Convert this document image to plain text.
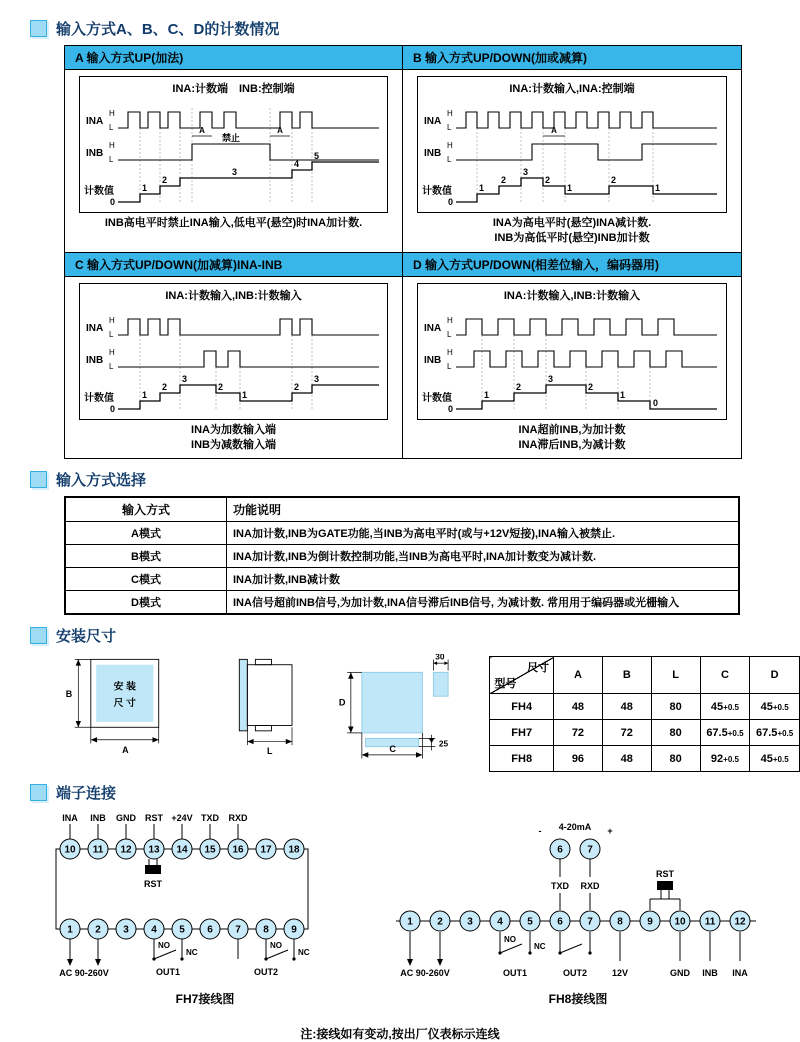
输入方式A、B、C、D的计数情况
A 输入方式UP(加法)
INA:计数端　INB:控制端
INA
H
L
INB
H
L
计数值
A	A
禁止
0
1
2
3
4
5
INB高电平时禁止INA输入,低电平(悬空)时INA加计数.
B 输入方式UP/DOWN(加或减算)
INA:计数输入,INA:控制端
INA
H
L
INB
H
L
计数值
A
0
1
2
3
2
1
2
1
INA为高电平时(悬空)INA减计数.
INB为高低平时(悬空)INB加计数
C 输入方式UP/DOWN(加减算)INA-INB
INA:计数输入,INB:计数输入
INA
H
L
INB
H
L
计数值
0
1
2
3
2
1
2
3
INA为加数输入端
INB为减数输入端
D 输入方式UP/DOWN(相差位输入，编码器用)
INA:计数输入,INB:计数输入
INA
H
L
INB
H
L
计数值
0
1
2
3
2
1
0
INA超前INB,为加计数
INA滞后INB,为减计数
输入方式选择
输入方式	功能说明
A模式	INA加计数,INB为GATE功能,当INB为高电平时(或与+12V短接),INA输入被禁止.
B模式	INA加计数,INB为倒计数控制功能,当INB为高电平时,INA加计数变为减计数.
C模式	INA加计数,INB减计数
D模式	INA信号超前INB信号,为加计数,INA信号滞后INB信号, 为减计数. 常用用于编码器或光栅输入
安装尺寸
安 装
尺 寸
B
A	L
30
D
C
25
尺寸
型号	A	B	L	C	D
FH4	48	48	80	45+0.5	45+0.5
FH7	72	72	80	67.5+0.5	67.5+0.5
FH8	96	48	80	92+0.5	45+0.5
端子连接
RST
AC 90-260V
NO
NC
OUT1
NO
NC
OUT2
INA INB GND RST +24V TXD RXD
10 11 12 13 14 15 16 17 18
1 2 3 4 5 6 7 8 9
FH7接线图
4-20mA
-	+
TXD RXD
RST
AC 90-260V
NO
NC
OUT1	OUT2	12V	GND INB INA
6 7
1 2 3 4 5 6 7 8 9 10 11 12
FH8接线图
注:接线如有变动,按出厂仪表标示连线
